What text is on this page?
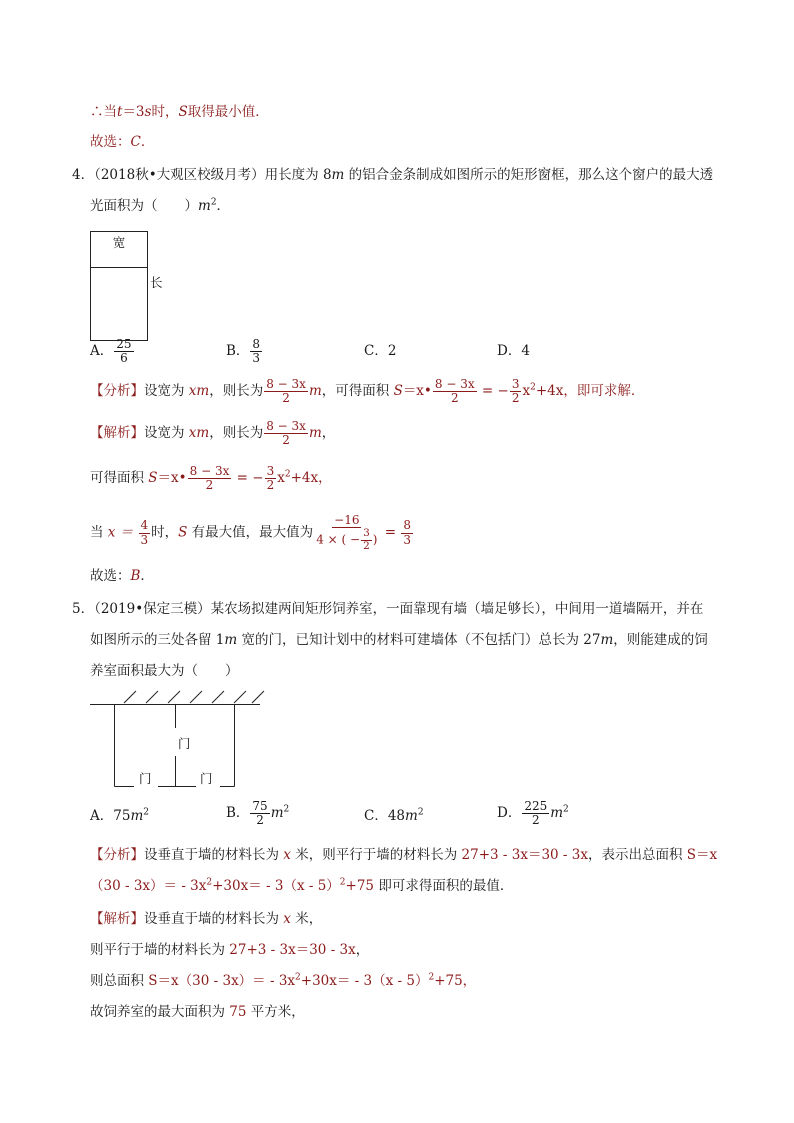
∴当t＝3s时，S取得最小值．
故选：C．
4．（2018秋•大观区校级月考）用长度为 8m 的铝合金条制成如图所示的矩形窗框，那么这个窗户的最大透
光面积为（　　）$m^2$．
宽
长
A． $\frac{25}{6}$	B． $\frac{8}{3}$	C．2	D．4
【分析】设宽为 xm，则长为 $\frac{8 - 3x}{2}$ m，可得面积 S＝x• $\frac{8 - 3x}{2}$ = − $\frac{3}{2} x^2+4x$，即可求解．
【解析】设宽为 xm，则长为 $\frac{8 - 3x}{2}$ m，
可得面积 S＝x• $\frac{8 - 3x}{2}$ = − $\frac{3}{2} x^2+4x$，
当 $x = \frac{4}{3}$ 时，S 有最大值，最大值为 $\frac{-16}{4 \times ( - \frac{3}{2} )} = \frac{8}{3}$
故选：B．
5．（2019•保定三模）某农场拟建两间矩形饲养室，一面靠现有墙（墙足够长），中间用一道墙隔开，并在
如图所示的三处各留 1m 宽的门，已知计划中的材料可建墙体（不包括门）总长为 27m，则能建成的饲
养室面积最大为（　　）
门
门	门
A．$75m^2$	B． $\frac{75}{2} m^2$	C．$48m^2$	D． $\frac{225}{2} m^2$
【分析】设垂直于墙的材料长为 x 米，则平行于墙的材料长为 27+3 - 3x＝30 - 3x，表示出总面积 S＝x
$(30 - 3x)= - 3x^2+30x= - 3(x - 5)^2+75$ 即可求得面积的最值．
【解析】设垂直于墙的材料长为 x 米，
则平行于墙的材料长为 27+3 - 3x＝30 - 3x，
则总面积 $S=x(30 - 3x)= - 3x^2+30x= - 3(x - 5)^2+75$，
故饲养室的最大面积为 75 平方米，
